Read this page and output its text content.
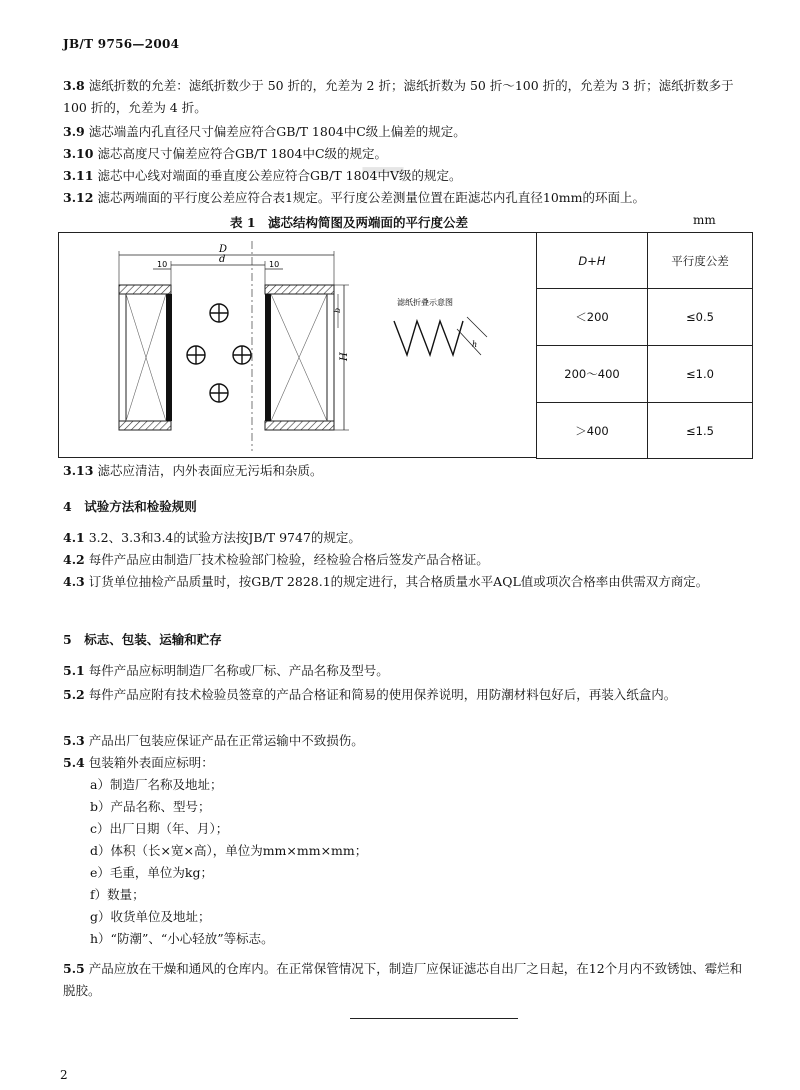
—
JB/T 9756—2004
3.8 滤纸折数的允差：滤纸折数少于 50 折的，允差为 2 折；滤纸折数为 50 折～100 折的，允差为 3 折；滤纸折数多于 100 折的，允差为 4 折。
3.9 滤芯端盖内孔直径尺寸偏差应符合GB/T 1804中C级上偏差的规定。
3.10 滤芯高度尺寸偏差应符合GB/T 1804中C级的规定。
3.11 滤芯中心线对端面的垂直度公差应符合GB/T 1804中V级的规定。
3.12 滤芯两端面的平行度公差应符合表1规定。平行度公差测量位置在距滤芯内孔直径10mm的环面上。
表 1　滤芯结构简图及两端面的平行度公差	mm
D
d
10	10
H
b
滤纸折叠示意图
h
D+H	平行度公差
＜200	≤0.5
200～400	≤1.0
＞400	≤1.5
3.13 滤芯应清洁，内外表面应无污垢和杂质。
4　试验方法和检验规则
4.1 3.2、3.3和3.4的试验方法按JB/T 9747的规定。
4.2 每件产品应由制造厂技术检验部门检验，经检验合格后签发产品合格证。
4.3 订货单位抽检产品质量时，按GB/T 2828.1的规定进行，其合格质量水平AQL值或项次合格率由供需双方商定。
5　标志、包装、运输和贮存
5.1 每件产品应标明制造厂名称或厂标、产品名称及型号。
5.2 每件产品应附有技术检验员签章的产品合格证和简易的使用保养说明，用防潮材料包好后，再装入纸盒内。
5.3 产品出厂包装应保证产品在正常运输中不致损伤。
5.4 包装箱外表面应标明：
a）制造厂名称及地址；
b）产品名称、型号；
c）出厂日期（年、月）；
d）体积（长×宽×高），单位为mm×mm×mm；
e）毛重，单位为kg；
f）数量；
g）收货单位及地址；
h）“防潮”、“小心轻放”等标志。
5.5 产品应放在干燥和通风的仓库内。在正常保管情况下，制造厂应保证滤芯自出厂之日起，在12个月内不致锈蚀、霉烂和脱胶。
2
